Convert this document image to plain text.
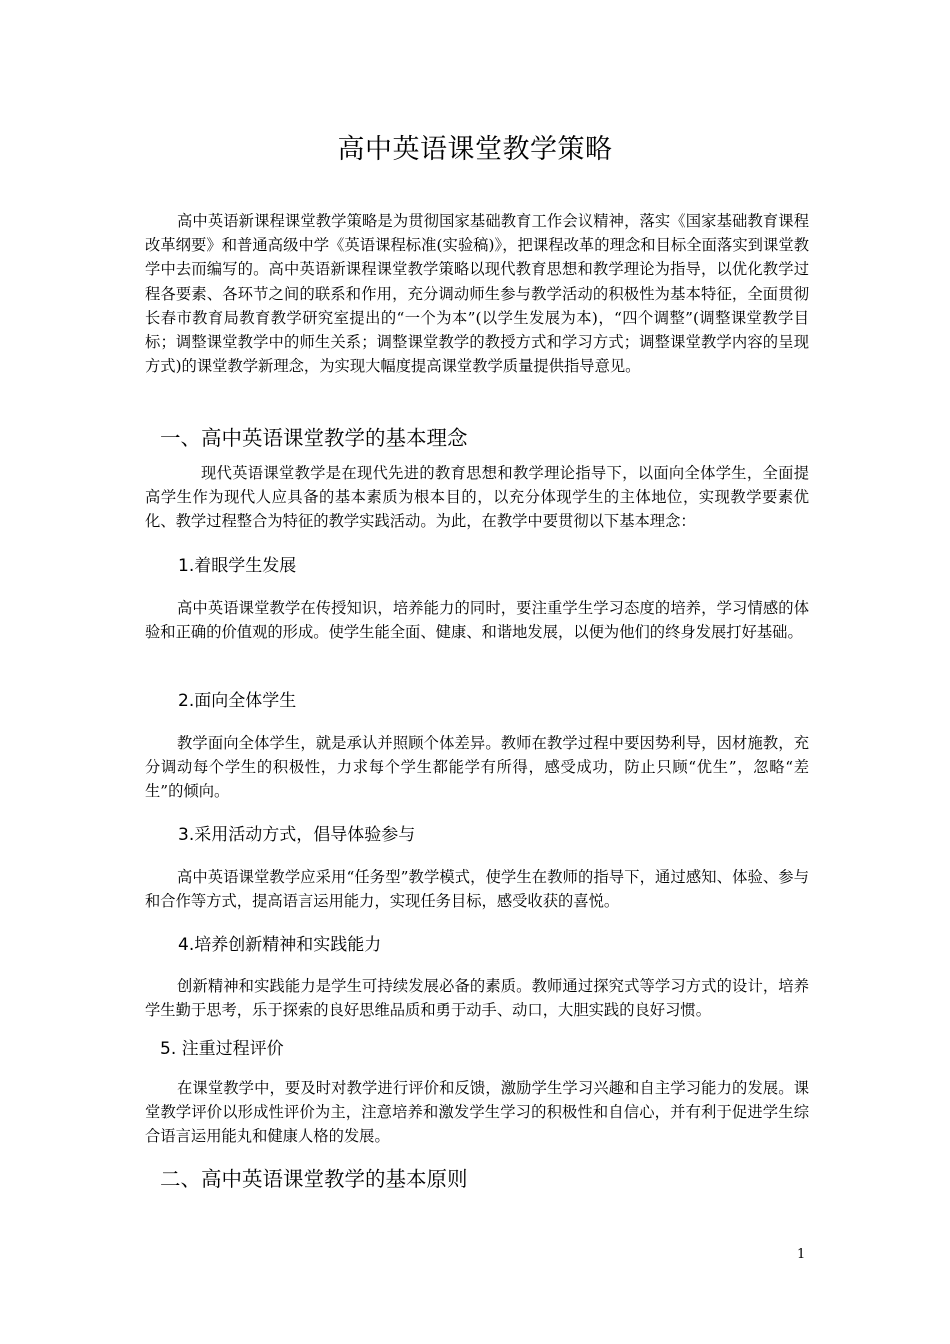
高中英语课堂教学策略

高中英语新课程课堂教学策略是为贯彻国家基础教育工作会议精神，落实《国家基础教育课程改革纲要》和普通高级中学《英语课程标准(实验稿)》，把课程改革的理念和目标全面落实到课堂教学中去而编写的。高中英语新课程课堂教学策略以现代教育思想和教学理论为指导，以优化教学过程各要素、各环节之间的联系和作用，充分调动师生参与教学活动的积极性为基本特征，全面贯彻长春市教育局教育教学研究室提出的“一个为本”(以学生发展为本)，“四个调整”(调整课堂教学目标；调整课堂教学中的师生关系；调整课堂教学的教授方式和学习方式；调整课堂教学内容的呈现方式)的课堂教学新理念，为实现大幅度提高课堂教学质量提供指导意见。

一、高中英语课堂教学的基本理念

现代英语课堂教学是在现代先进的教育思想和教学理论指导下，以面向全体学生，全面提高学生作为现代人应具备的基本素质为根本目的，以充分体现学生的主体地位，实现教学要素优化、教学过程整合为特征的教学实践活动。为此，在教学中要贯彻以下基本理念：

1.着眼学生发展

高中英语课堂教学在传授知识，培养能力的同时，要注重学生学习态度的培养，学习情感的体验和正确的价值观的形成。使学生能全面、健康、和谐地发展，以便为他们的终身发展打好基础。

2.面向全体学生

教学面向全体学生，就是承认并照顾个体差异。教师在教学过程中要因势利导，因材施教，充分调动每个学生的积极性，力求每个学生都能学有所得，感受成功，防止只顾“优生”，忽略“差生”的倾向。

3.采用活动方式，倡导体验参与

高中英语课堂教学应采用“任务型”教学模式，使学生在教师的指导下，通过感知、体验、参与和合作等方式，提高语言运用能力，实现任务目标，感受收获的喜悦。

4.培养创新精神和实践能力

创新精神和实践能力是学生可持续发展必备的素质。教师通过探究式等学习方式的设计，培养学生勤于思考，乐于探索的良好思维品质和勇于动手、动口，大胆实践的良好习惯。

5. 注重过程评价

在课堂教学中，要及时对教学进行评价和反馈，激励学生学习兴趣和自主学习能力的发展。课堂教学评价以形成性评价为主，注意培养和激发学生学习的积极性和自信心，并有利于促进学生综合语言运用能丸和健康人格的发展。

二、高中英语课堂教学的基本原则
1
